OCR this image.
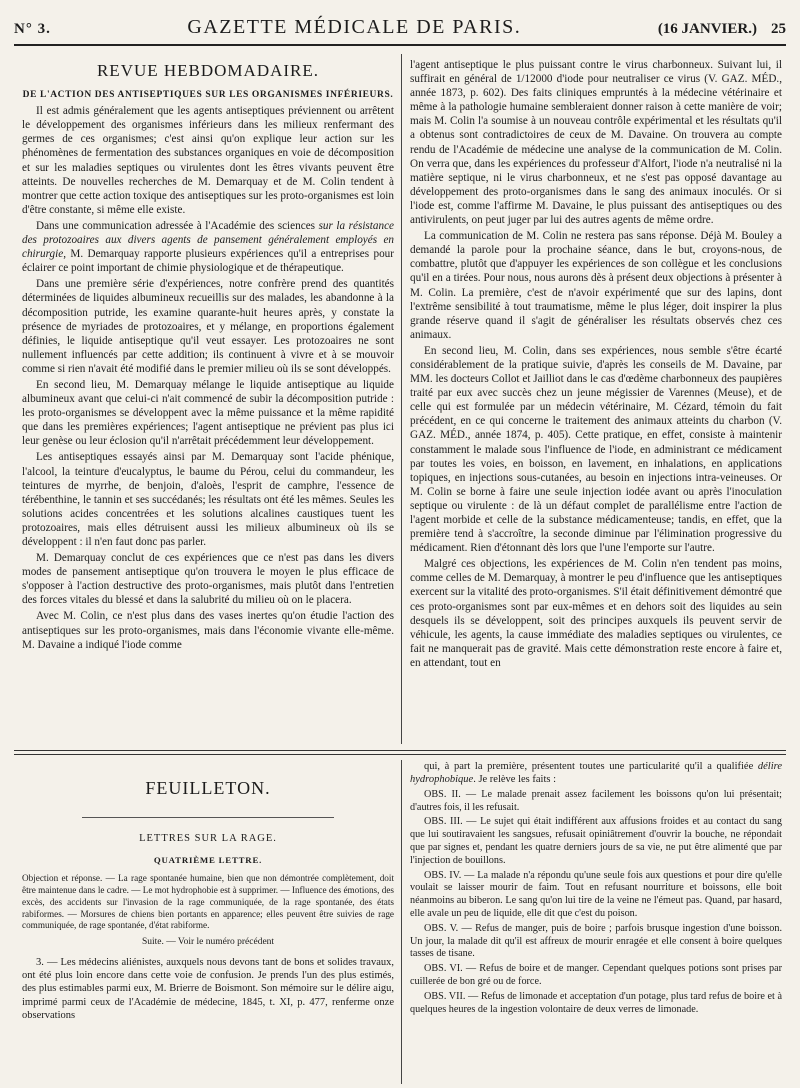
N° 3.	GAZETTE MÉDICALE DE PARIS.	(16 JANVIER.) 25
REVUE HEBDOMADAIRE.

DE L'ACTION DES ANTISEPTIQUES SUR LES ORGANISMES INFÉRIEURS.

Il est admis généralement que les agents antiseptiques préviennent ou arrêtent le développement des organismes inférieurs dans les milieux renfermant des germes de ces organismes; c'est ainsi qu'on explique leur action sur les phénomènes de fermentation des substances organiques en voie de décomposition et sur les maladies septiques ou virulentes dont les êtres vivants peuvent être atteints. De nouvelles recherches de M. Demarquay et de M. Colin tendent à montrer que cette action toxique des antiseptiques sur les proto-organismes est loin d'être constante, si même elle existe.

Dans une communication adressée à l'Académie des sciences sur la résistance des protozoaires aux divers agents de pansement généralement employés en chirurgie, M. Demarquay rapporte plusieurs expériences qu'il a entreprises pour éclairer ce point important de chimie physiologique et de thérapeutique.

Dans une première série d'expériences, notre confrère prend des quantités déterminées de liquides albumineux recueillis sur des malades, les abandonne à la décomposition putride, les examine quarante-huit heures après, y constate la présence de myriades de protozoaires, et y mélange, en proportions également définies, le liquide antiseptique qu'il veut essayer. Les protozoaires ne sont nullement influencés par cette addition; ils continuent à vivre et à se mouvoir comme si rien n'avait été modifié dans le premier milieu où ils se sont développés.

En second lieu, M. Demarquay mélange le liquide antiseptique au liquide albumineux avant que celui-ci n'ait commencé de subir la décomposition putride : les proto-organismes se développent avec la même puissance et la même rapidité que dans les premières expériences; l'agent antiseptique ne prévient pas plus ici leur genèse ou leur éclosion qu'il n'arrêtait précédemment leur développement.

Les antiseptiques essayés ainsi par M. Demarquay sont l'acide phénique, l'alcool, la teinture d'eucalyptus, le baume du Pérou, celui du commandeur, les teintures de myrrhe, de benjoin, d'aloès, l'esprit de camphre, l'essence de térébenthine, le tannin et ses succédanés; les résultats ont été les mêmes. Seules les solutions acides concentrées et les solutions alcalines caustiques tuent les protozoaires, mais elles détruisent aussi les milieux albumineux où ils se développent : il n'en faut donc pas parler.

M. Demarquay conclut de ces expériences que ce n'est pas dans les divers modes de pansement antiseptique qu'on trouvera le moyen le plus efficace de s'opposer à l'action destructive des proto-organismes, mais plutôt dans l'entretien des forces vitales du blessé et dans la salubrité du milieu où on le placera.

Avec M. Colin, ce n'est plus dans des vases inertes qu'on étudie l'action des antiseptiques sur les proto-organismes, mais dans l'économie vivante elle-même. M. Davaine a indiqué l'iode comme

l'agent antiseptique le plus puissant contre le virus charbonneux. Suivant lui, il suffirait en général de 1/12000 d'iode pour neutraliser ce virus (V. GAZ. MÉD., année 1873, p. 602). Des faits cliniques empruntés à la médecine vétérinaire et même à la pathologie humaine sembleraient donner raison à cette manière de voir; mais M. Colin l'a soumise à un nouveau contrôle expérimental et les résultats qu'il a obtenus sont contradictoires de ceux de M. Davaine. On trouvera au compte rendu de l'Académie de médecine une analyse de la communication de M. Colin. On verra que, dans les expériences du professeur d'Alfort, l'iode n'a neutralisé ni la matière septique, ni le virus charbonneux, et ne s'est pas opposé davantage au développement des proto-organismes dans le sang des animaux inoculés. Or si l'iode est, comme l'affirme M. Davaine, le plus puissant des antiseptiques ou des antivirulents, on peut juger par lui des autres agents de même ordre.

La communication de M. Colin ne restera pas sans réponse. Déjà M. Bouley a demandé la parole pour la prochaine séance, dans le but, croyons-nous, de combattre, plutôt que d'appuyer les expériences de son collègue et les conclusions qu'il en a tirées. Pour nous, nous aurons dès à présent deux objections à présenter à M. Colin. La première, c'est de n'avoir expérimenté que sur des lapins, dont l'extrême sensibilité à tout traumatisme, même le plus léger, doit inspirer la plus grande réserve quand il s'agit de généraliser les résultats observés chez ces animaux.

En second lieu, M. Colin, dans ses expériences, nous semble s'être écarté considérablement de la pratique suivie, d'après les conseils de M. Davaine, par MM. les docteurs Collot et Jailliot dans le cas d'œdème charbonneux des paupières traité par eux avec succès chez un jeune mégissier de Varennes (Meuse), et de celle qui est formulée par un médecin vétérinaire, M. Cézard, témoin du fait précédent, en ce qui concerne le traitement des animaux atteints du charbon (V. GAZ. MÉD., année 1874, p. 405). Cette pratique, en effet, consiste à maintenir constamment le malade sous l'influence de l'iode, en administrant ce médicament par toutes les voies, en boisson, en lavement, en inhalations, en applications topiques, en injections sous-cutanées, au besoin en injections intra-veineuses. Or M. Colin se borne à faire une seule injection iodée avant ou après l'inoculation septique ou virulente : de là un défaut complet de parallélisme entre l'action de l'agent morbide et celle de la substance médicamenteuse; tandis, en effet, que la première tend à s'accroître, la seconde diminue par l'élimination progressive du médicament. Rien d'étonnant dès lors que l'une l'emporte sur l'autre.

Malgré ces objections, les expériences de M. Colin n'en tendent pas moins, comme celles de M. Demarquay, à montrer le peu d'influence que les antiseptiques exercent sur la vitalité des proto-organismes. S'il était définitivement démontré que ces proto-organismes sont par eux-mêmes et en dehors soit des liquides au sein desquels ils se développent, soit des principes auxquels ils peuvent servir de véhicule, les agents, la cause immédiate des maladies septiques ou virulentes, ce fait ne manquerait pas de gravité. Mais cette démonstration reste encore à faire et, en attendant, tout en

FEUILLETON.
LETTRES SUR LA RAGE.
QUATRIÈME LETTRE.

Objection et réponse. — La rage spontanée humaine, bien que non démontrée complètement, doit être maintenue dans le cadre. — Le mot hydrophobie est à supprimer. — Influence des émotions, des excès, des accidents sur l'invasion de la rage communiquée, de la rage spontanée, des états rabiformes. — Morsures de chiens bien portants en apparence; elles peuvent être suivies de rage communiquée, de rage spontanée, d'état rabiforme.

Suite. — Voir le numéro précédent

3. — Les médecins aliénistes, auxquels nous devons tant de bons et solides travaux, ont été plus loin encore dans cette voie de confusion. Je prends l'un des plus estimés, des plus estimables parmi eux, M. Brierre de Boismont. Son mémoire sur le délire aigu, imprimé parmi ceux de l'Académie de médecine, 1845, t. XI, p. 477, renferme onze observations

qui, à part la première, présentent toutes une particularité qu'il a qualifiée délire hydrophobique. Je relève les faits :

OBS. II. — Le malade prenait assez facilement les boissons qu'on lui présentait; d'autres fois, il les refusait.

OBS. III. — Le sujet qui était indifférent aux affusions froides et au contact du sang que lui soutiravaient les sangsues, refusait opiniâtrement d'ouvrir la bouche, ne répondait que par signes et, pendant les quatre derniers jours de sa vie, ne put être alimenté que par l'injection de bouillons.

OBS. IV. — La malade n'a répondu qu'une seule fois aux questions et pour dire qu'elle voulait se laisser mourir de faim. Tout en refusant nourriture et boissons, elle boit néanmoins au biberon. Le sang qu'on lui tire de la veine ne l'émeut pas. Quand, par hasard, elle avale un peu de liquide, elle dit que c'est du poison.

OBS. V. — Refus de manger, puis de boire ; parfois brusque ingestion d'une boisson. Un jour, la malade dit qu'il est affreux de mourir enragée et elle consent à boire quelques tasses de tisane.

OBS. VI. — Refus de boire et de manger. Cependant quelques potions sont prises par cuillerée de bon gré ou de force.

OBS. VII. — Refus de limonade et acceptation d'un potage, plus tard refus de boire et à quelques heures de la ingestion volontaire de deux verres de limonade.
